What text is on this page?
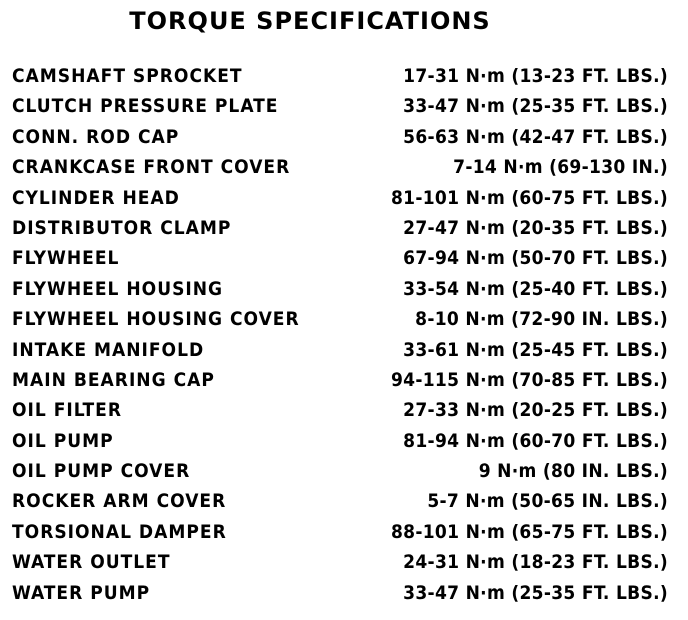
TORQUE SPECIFICATIONS
CAMSHAFT SPROCKET	17-31 N·m (13-23 FT. LBS.)
CLUTCH PRESSURE PLATE	33-47 N·m (25-35 FT. LBS.)
CONN. ROD CAP	56-63 N·m (42-47 FT. LBS.)
CRANKCASE FRONT COVER	7-14 N·m (69-130 IN.)
CYLINDER HEAD	81-101 N·m (60-75 FT. LBS.)
DISTRIBUTOR CLAMP	27-47 N·m (20-35 FT. LBS.)
FLYWHEEL	67-94 N·m (50-70 FT. LBS.)
FLYWHEEL HOUSING	33-54 N·m (25-40 FT. LBS.)
FLYWHEEL HOUSING COVER	8-10 N·m (72-90 IN. LBS.)
INTAKE MANIFOLD	33-61 N·m (25-45 FT. LBS.)
MAIN BEARING CAP	94-115 N·m (70-85 FT. LBS.)
OIL FILTER	27-33 N·m (20-25 FT. LBS.)
OIL PUMP	81-94 N·m (60-70 FT. LBS.)
OIL PUMP COVER	9 N·m (80 IN. LBS.)
ROCKER ARM COVER	5-7 N·m (50-65 IN. LBS.)
TORSIONAL DAMPER	88-101 N·m (65-75 FT. LBS.)
WATER OUTLET	24-31 N·m (18-23 FT. LBS.)
WATER PUMP	33-47 N·m (25-35 FT. LBS.)
